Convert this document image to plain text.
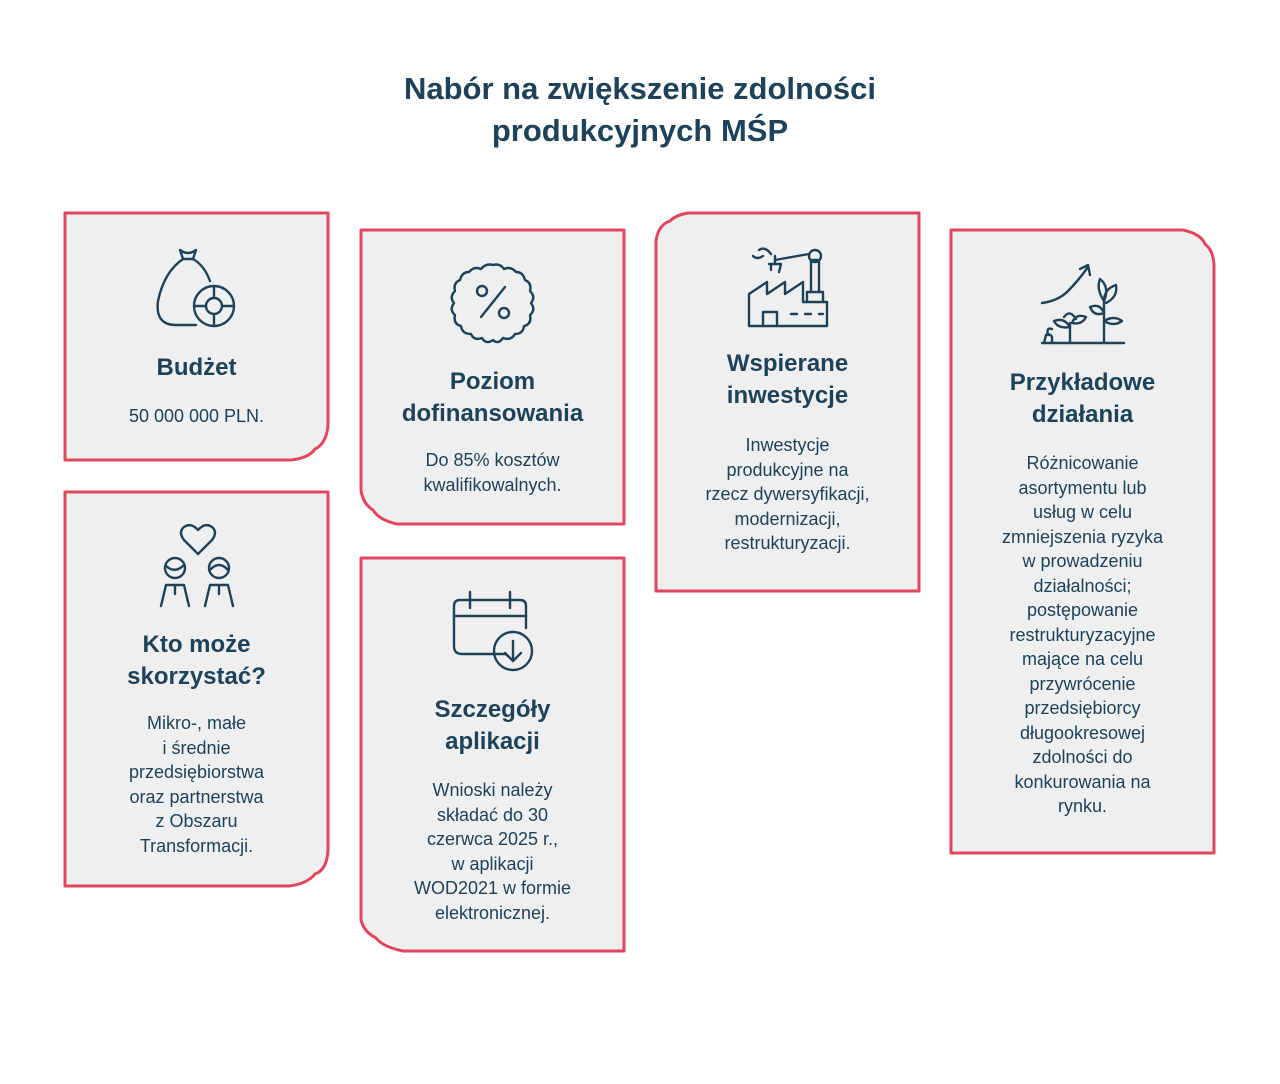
Nabór na zwiększenie zdolności
produkcyjnych MŚP
Budżet

50 000 000 PLN.

Kto może
skorzystać?

Mikro-, małe
i średnie
przedsiębiorstwa
oraz partnerstwa
z Obszaru
Transformacji.

Poziom
dofinansowania

Do 85% kosztów
kwalifikowalnych.

Szczegóły
aplikacji

Wnioski należy
składać do 30
czerwca 2025 r.,
w aplikacji
WOD2021 w formie
elektronicznej.

Wspierane
inwestycje

Inwestycje
produkcyjne na
rzecz dywersyfikacji,
modernizacji,
restrukturyzacji.

Przykładowe
działania

Różnicowanie
asortymentu lub
usług w celu
zmniejszenia ryzyka
w prowadzeniu
działalności;
postępowanie
restrukturyzacyjne
mające na celu
przywrócenie
przedsiębiorcy
długookresowej
zdolności do
konkurowania na
rynku.
